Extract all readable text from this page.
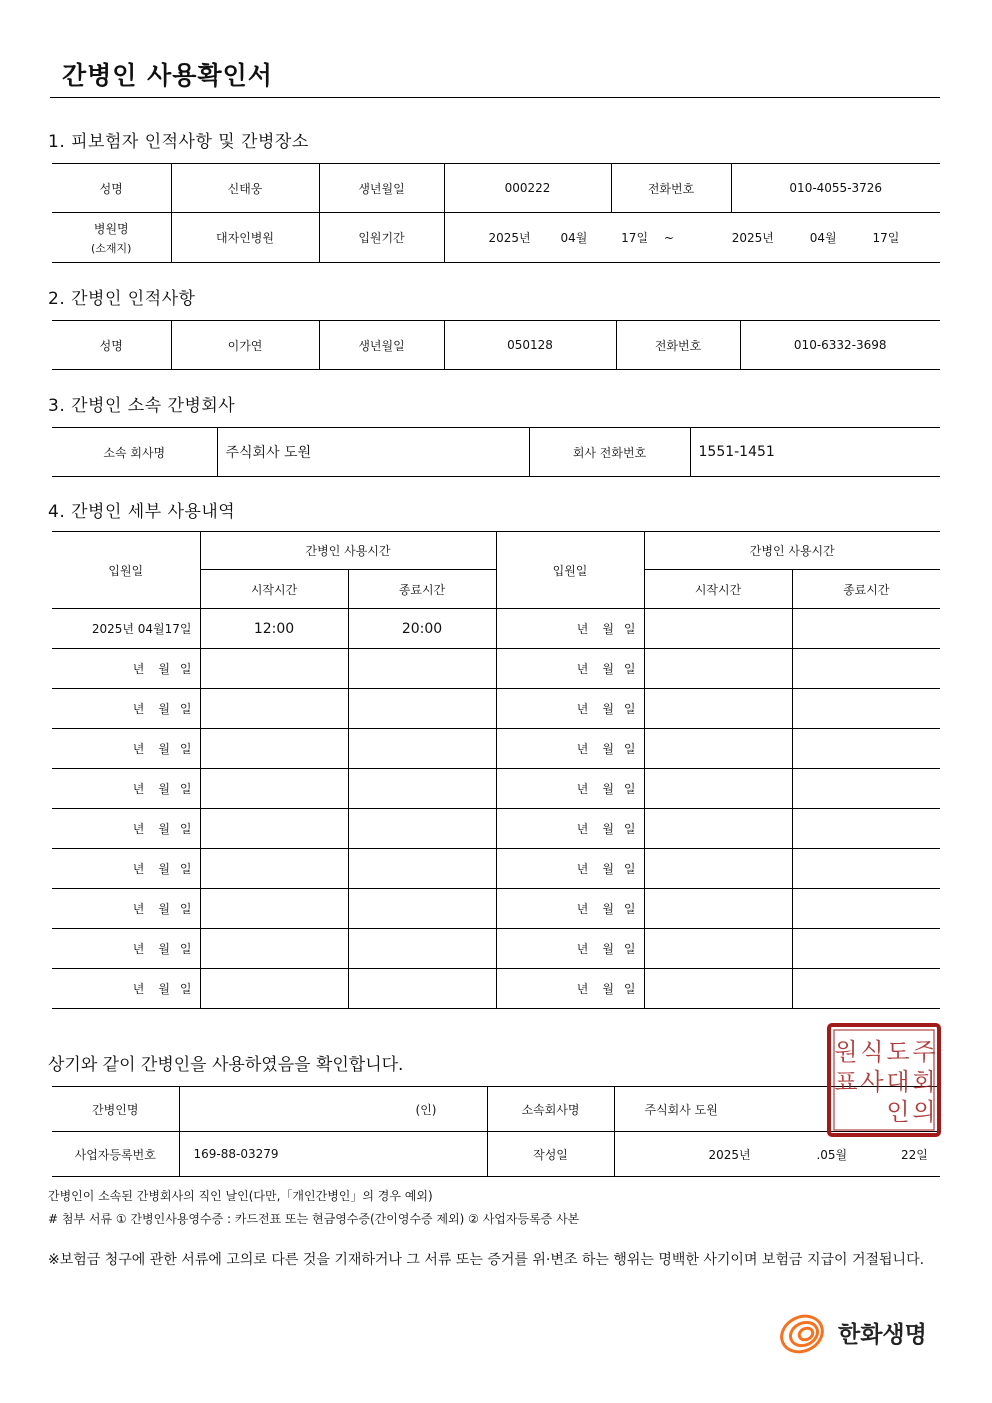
간병인 사용확인서
1. 피보험자 인적사항 및 간병장소
성명	신태웅	생년월일	000222	전화번호	010-4055-3726

병원명
(소재지)	대자인병원	입원기간	2025년 04월 17일 ~ 2025년 04월 17일		
2. 간병인 인적사항
성명	이가연	생년월일	050128	전화번호	010-6332-3698
3. 간병인 소속 간병회사
소속 회사명	주식회사 도원	회사 전화번호	1551-1451
4. 간병인 세부 사용내역
입원일	간병인 사용시간		입원일	간병인 사용시간	
	시작시간	종료시간		시작시간	종료시간
2025년 04월17일	12:00	20:00	년 월 일		
년 월 일			년 월 일		
년 월 일			년 월 일		
년 월 일			년 월 일		
년 월 일			년 월 일		
년 월 일			년 월 일		
년 월 일			년 월 일		
년 월 일			년 월 일		
년 월 일			년 월 일		
년 월 일			년 월 일		
상기와 같이 간병인을 사용하였음을 확인합니다.
간병인명	(인)	소속회사명	주식회사 도원
사업자등록번호	169-88-03279	작성일	2025년 .05월 22일
주
도
식
원
회
대
사
표
의
인
간병인이 소속된 간병회사의 직인 날인(다만,「개인간병인」의 경우 예외)
# 첨부 서류 ① 간병인사용영수증 : 카드전표 또는 현금영수증(간이영수증 제외) ② 사업자등록증 사본
※보험금 청구에 관한 서류에 고의로 다른 것을 기재하거나 그 서류 또는 증거를 위·변조 하는 행위는 명백한 사기이며 보험금 지급이 거절됩니다.
한화생명
